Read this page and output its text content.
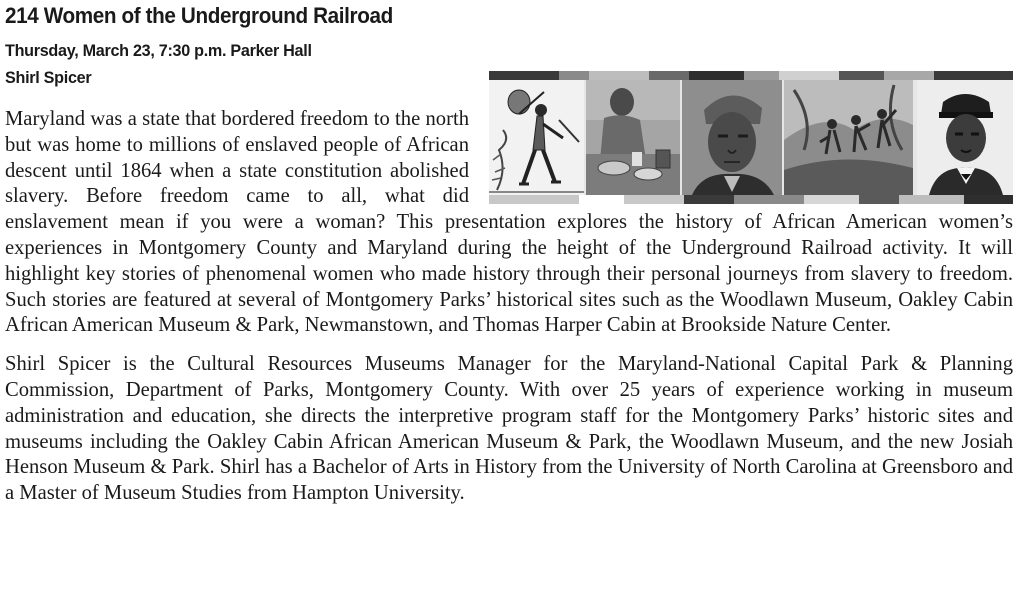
214 Women of the Underground Railroad
Thursday, March 23, 7:30 p.m. Parker Hall
Shirl Spicer

Maryland was a state that bordered freedom to the north but was home to millions of enslaved people of African descent until 1864 when a state constitution abolished slavery. Before freedom came to all, what did enslavement mean if you were a woman? This presentation explores the history of African American women’s experiences in Montgomery County and Maryland during the height of the Underground Railroad activity. It will highlight key stories of phenomenal women who made history through their personal journeys from slavery to freedom. Such stories are featured at several of Montgomery Parks’ historical sites such as the Woodlawn Museum, Oakley Cabin African American Museum & Park, Newmanstown, and Thomas Harper Cabin at Brookside Nature Center.

Shirl Spicer is the Cultural Resources Museums Manager for the Maryland-National Capital Park & Planning Commission, Department of Parks, Montgomery County. With over 25 years of experience working in museum administration and education, she directs the interpretive program staff for the Montgomery Parks’ historic sites and museums including the Oakley Cabin African American Museum & Park, the Woodlawn Museum, and the new Josiah Henson Museum & Park. Shirl has a Bachelor of Arts in History from the University of North Carolina at Greensboro and a Master of Museum Studies from Hampton University.
